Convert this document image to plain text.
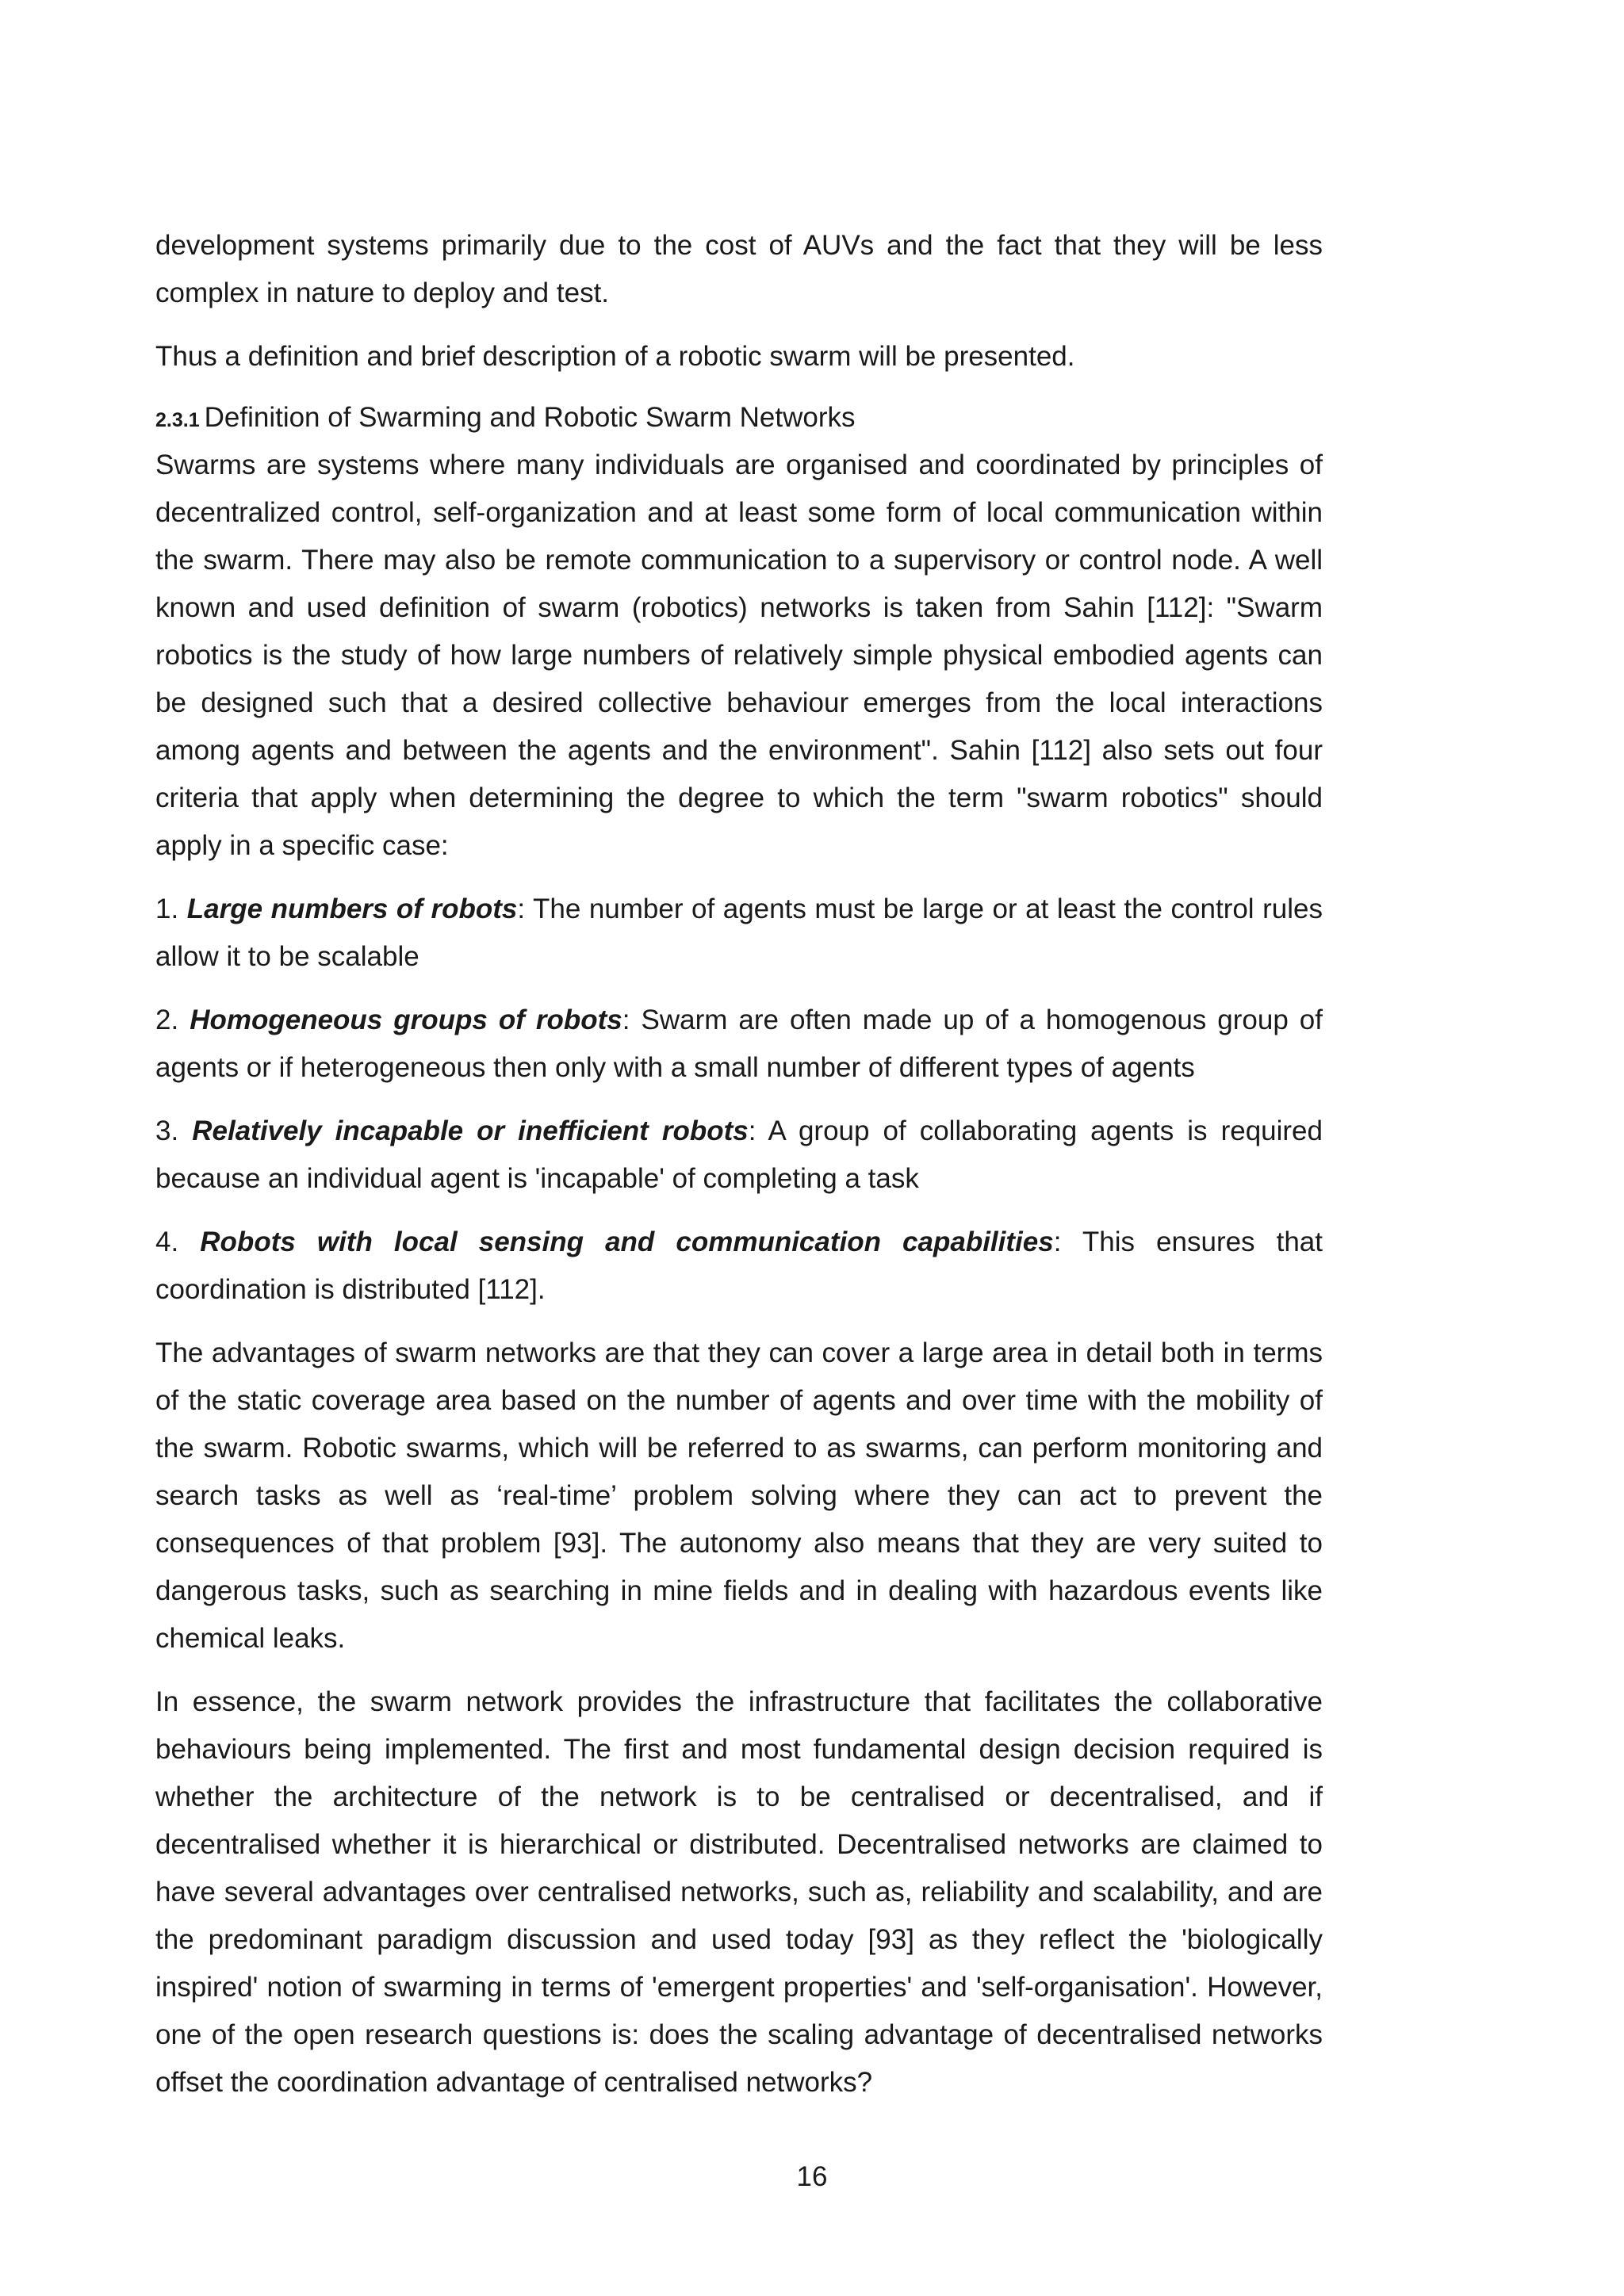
development systems primarily due to the cost of AUVs and the fact that they will be less complex in nature to deploy and test.

Thus a definition and brief description of a robotic swarm will be presented.

2.3.1 Definition of Swarming and Robotic Swarm Networks

Swarms are systems where many individuals are organised and coordinated by principles of decentralized control, self-organization and at least some form of local communication within the swarm. There may also be remote communication to a supervisory or control node. A well known and used definition of swarm (robotics) networks is taken from Sahin [112]: "Swarm robotics is the study of how large numbers of relatively simple physical embodied agents can be designed such that a desired collective behaviour emerges from the local interactions among agents and between the agents and the environment". Sahin [112] also sets out four criteria that apply when determining the degree to which the term "swarm robotics" should apply in a specific case:

1. Large numbers of robots: The number of agents must be large or at least the control rules allow it to be scalable

2. Homogeneous groups of robots: Swarm are often made up of a homogenous group of agents or if heterogeneous then only with a small number of different types of agents

3. Relatively incapable or inefficient robots: A group of collaborating agents is required because an individual agent is 'incapable' of completing a task

4. Robots with local sensing and communication capabilities: This ensures that coordination is distributed [112].

The advantages of swarm networks are that they can cover a large area in detail both in terms of the static coverage area based on the number of agents and over time with the mobility of the swarm. Robotic swarms, which will be referred to as swarms, can perform monitoring and search tasks as well as ‘real-time’ problem solving where they can act to prevent the consequences of that problem [93]. The autonomy also means that they are very suited to dangerous tasks, such as searching in mine fields and in dealing with hazardous events like chemical leaks.

In essence, the swarm network provides the infrastructure that facilitates the collaborative behaviours being implemented. The first and most fundamental design decision required is whether the architecture of the network is to be centralised or decentralised, and if decentralised whether it is hierarchical or distributed. Decentralised networks are claimed to have several advantages over centralised networks, such as, reliability and scalability, and are the predominant paradigm discussion and used today [93] as they reflect the 'biologically inspired' notion of swarming in terms of 'emergent properties' and 'self-organisation'. However, one of the open research questions is: does the scaling advantage of decentralised networks offset the coordination advantage of centralised networks?

16
